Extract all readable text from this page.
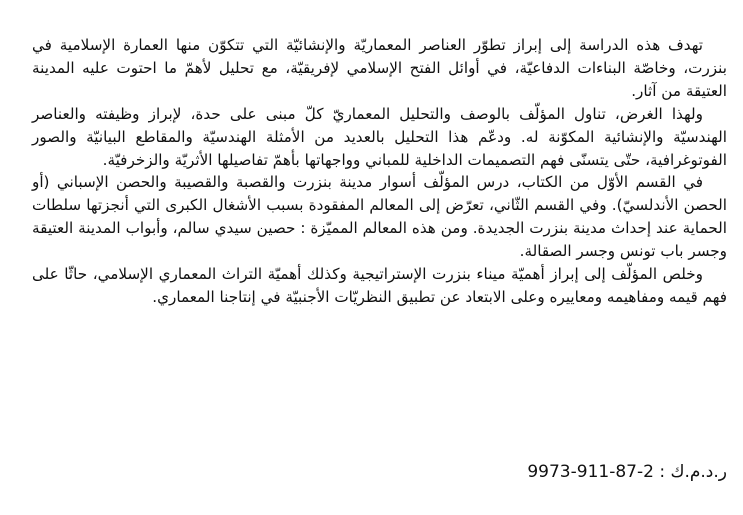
تهدف هذه الدراسة إلى إبراز تطوّر العناصر المعماريّة والإنشائيّة التي تتكوّن منها العمارة الإسلامية في بنزرت، وخاصّة البناءات الدفاعيّة، في أوائل الفتح الإسلامي لإفريقيّة، مع تحليل لأهمّ ما احتوت عليه المدينة العتيقة من آثار.

ولهذا الغرض، تناول المؤلّف بالوصف والتحليل المعماريّ كلّ مبنى على حدة، لإبراز وظيفته والعناصر الهندسيّة والإنشائية المكوّنة له. ودعّم هذا التحليل بالعديد من الأمثلة الهندسيّة والمقاطع البيانيّة والصور الفوتوغرافية، حتّى يتسنّى فهم التصميمات الداخلية للمباني وواجهاتها بأهمّ تفاصيلها الأثريّة والزخرفيّة.

في القسم الأوّل من الكتاب، درس المؤلّف أسوار مدينة بنزرت والقصبة والقصيبة والحصن الإسباني (أو الحصن الأندلسيّ). وفي القسم الثّاني، تعرّض إلى المعالم المفقودة بسبب الأشغال الكبرى التي أنجزتها سلطات الحماية عند إحداث مدينة بنزرت الجديدة. ومن هذه المعالم المميّزة : حصين سيدي سالم، وأبواب المدينة العتيقة وجسر باب تونس وجسر الصقالة.

وخلص المؤلّف إلى إبراز أهميّة ميناء بنزرت الإستراتيجية وكذلك أهميّة التراث المعماري الإسلامي، حاثّا على فهم قيمه ومفاهيمه ومعاييره وعلى الابتعاد عن تطبيق النظريّات الأجنبيّة في إنتاجنا المعماري.

ر.د.م.ك : 9973-911-87-2
